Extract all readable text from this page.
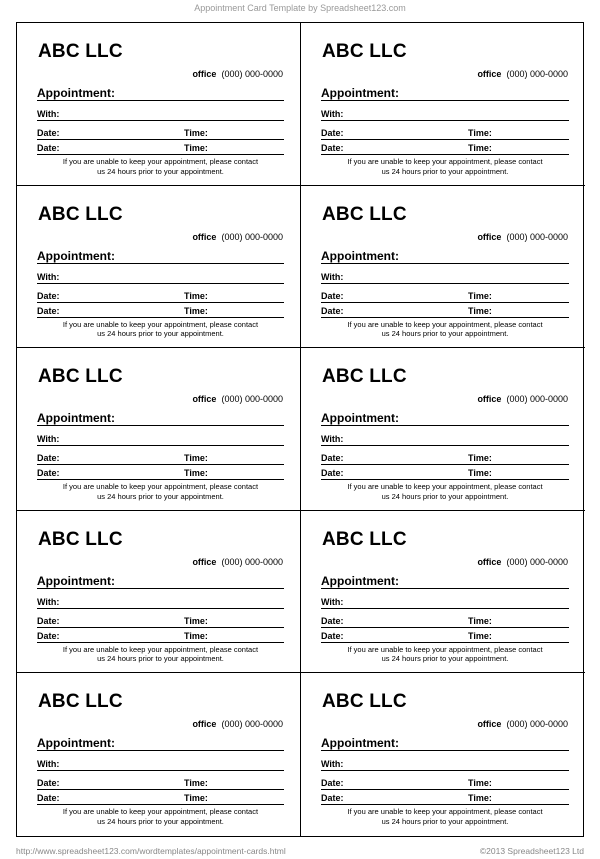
Appointment Card Template by Spreadsheet123.com
ABC LLC
office (000) 000-0000
Appointment:
With:
Date:	Time:
Date:	Time:
If you are unable to keep your appointment, please contact
us 24 hours prior to your appointment.
ABC LLC
office (000) 000-0000
Appointment:
With:
Date:	Time:
Date:	Time:
If you are unable to keep your appointment, please contact
us 24 hours prior to your appointment.
ABC LLC
office (000) 000-0000
Appointment:
With:
Date:	Time:
Date:	Time:
If you are unable to keep your appointment, please contact
us 24 hours prior to your appointment.
ABC LLC
office (000) 000-0000
Appointment:
With:
Date:	Time:
Date:	Time:
If you are unable to keep your appointment, please contact
us 24 hours prior to your appointment.
ABC LLC
office (000) 000-0000
Appointment:
With:
Date:	Time:
Date:	Time:
If you are unable to keep your appointment, please contact
us 24 hours prior to your appointment.
ABC LLC
office (000) 000-0000
Appointment:
With:
Date:	Time:
Date:	Time:
If you are unable to keep your appointment, please contact
us 24 hours prior to your appointment.
ABC LLC
office (000) 000-0000
Appointment:
With:
Date:	Time:
Date:	Time:
If you are unable to keep your appointment, please contact
us 24 hours prior to your appointment.
ABC LLC
office (000) 000-0000
Appointment:
With:
Date:	Time:
Date:	Time:
If you are unable to keep your appointment, please contact
us 24 hours prior to your appointment.
ABC LLC
office (000) 000-0000
Appointment:
With:
Date:	Time:
Date:	Time:
If you are unable to keep your appointment, please contact
us 24 hours prior to your appointment.
ABC LLC
office (000) 000-0000
Appointment:
With:
Date:	Time:
Date:	Time:
If you are unable to keep your appointment, please contact
us 24 hours prior to your appointment.
http://www.spreadsheet123.com/wordtemplates/appointment-cards.html	©2013 Spreadsheet123 Ltd
